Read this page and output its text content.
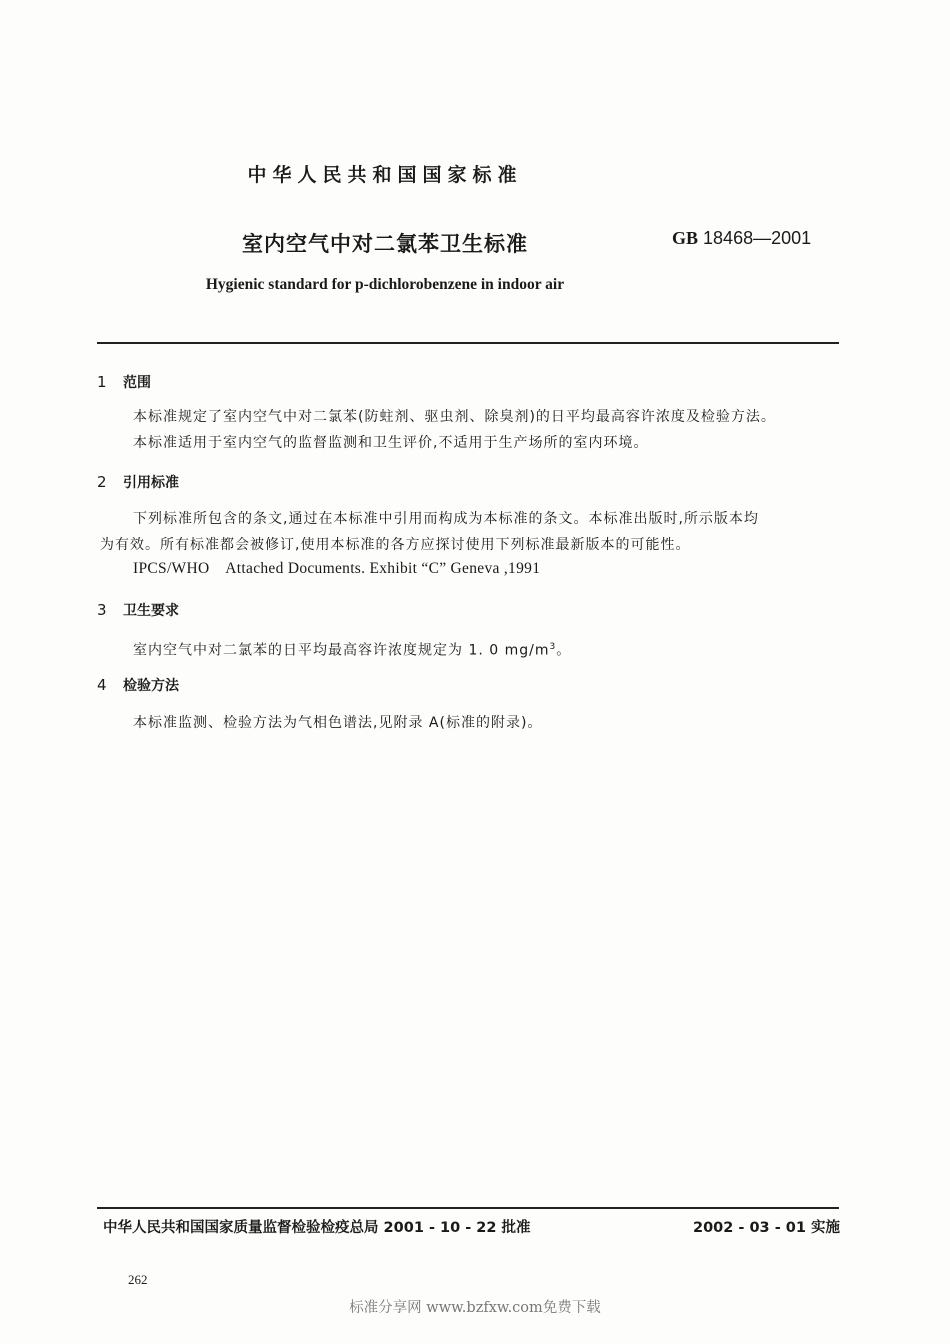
中华人民共和国国家标准
室内空气中对二氯苯卫生标准	GB 18468—2001
Hygienic standard for p-dichlorobenzene in indoor air
1 范围
本标准规定了室内空气中对二氯苯(防蛀剂、驱虫剂、除臭剂)的日平均最高容许浓度及检验方法。
本标准适用于室内空气的监督监测和卫生评价,不适用于生产场所的室内环境。
2 引用标准
下列标准所包含的条文,通过在本标准中引用而构成为本标准的条文。本标准出版时,所示版本均
为有效。所有标准都会被修订,使用本标准的各方应探讨使用下列标准最新版本的可能性。
IPCS/WHO    Attached Documents. Exhibit “C” Geneva ,1991
3 卫生要求
室内空气中对二氯苯的日平均最高容许浓度规定为 1. 0 $mg/m^3$。
4 检验方法
本标准监测、检验方法为气相色谱法,见附录 A(标准的附录)。
中华人民共和国国家质量监督检验检疫总局 2001 - 10 - 22 批准	2002 - 03 - 01 实施
262
标准分享网 www.bzfxw.com免费下载
